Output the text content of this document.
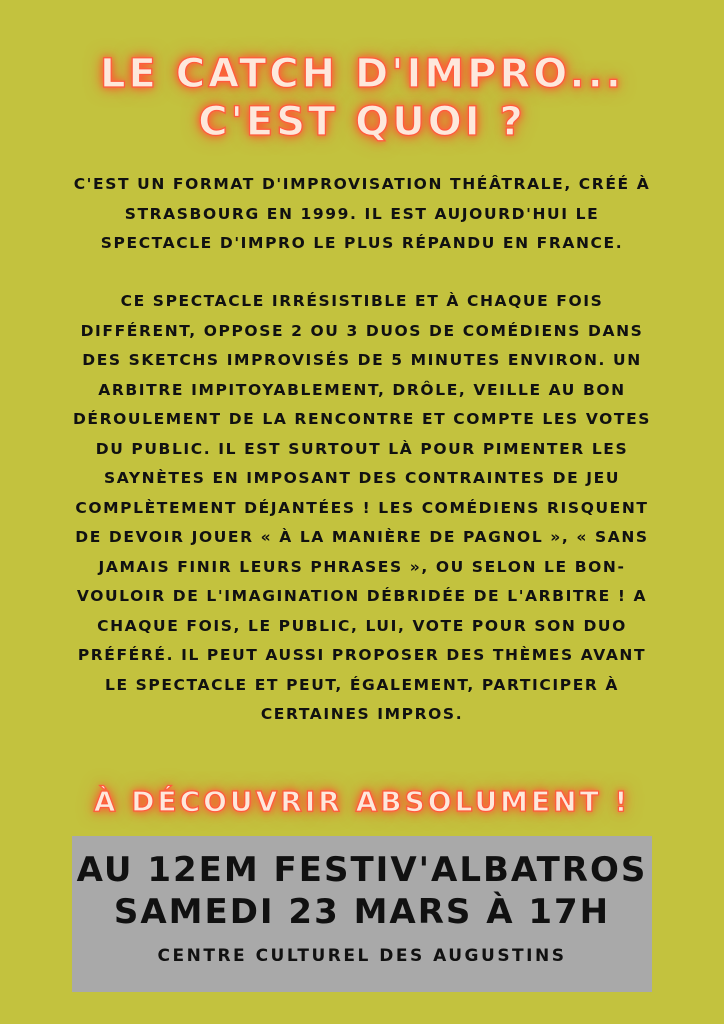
LE CATCH D'IMPRO...
C'EST QUOI ?

C'EST UN FORMAT D'IMPROVISATION THÉÂTRALE, CRÉÉ À STRASBOURG EN 1999. IL EST AUJOURD'HUI LE SPECTACLE D'IMPRO LE PLUS RÉPANDU EN FRANCE.

CE SPECTACLE IRRÉSISTIBLE ET À CHAQUE FOIS DIFFÉRENT, OPPOSE 2 OU 3 DUOS DE COMÉDIENS DANS DES SKETCHS IMPROVISÉS DE 5 MINUTES ENVIRON. UN ARBITRE IMPITOYABLEMENT, DRÔLE, VEILLE AU BON DÉROULEMENT DE LA RENCONTRE ET COMPTE LES VOTES DU PUBLIC. IL EST SURTOUT LÀ POUR PIMENTER LES SAYNÈTES EN IMPOSANT DES CONTRAINTES DE JEU COMPLÈTEMENT DÉJANTÉES ! LES COMÉDIENS RISQUENT DE DEVOIR JOUER « À LA MANIÈRE DE PAGNOL », « SANS JAMAIS FINIR LEURS PHRASES », OU SELON LE BON-VOULOIR DE L'IMAGINATION DÉBRIDÉE DE L'ARBITRE ! A CHAQUE FOIS, LE PUBLIC, LUI, VOTE POUR SON DUO PRÉFÉRÉ. IL PEUT AUSSI PROPOSER DES THÈMES AVANT LE SPECTACLE ET PEUT, ÉGALEMENT, PARTICIPER À CERTAINES IMPROS.

À DÉCOUVRIR ABSOLUMENT !
AU 12EM FESTIV'ALBATROS
SAMEDI 23 MARS À 17H
CENTRE CULTUREL DES AUGUSTINS
